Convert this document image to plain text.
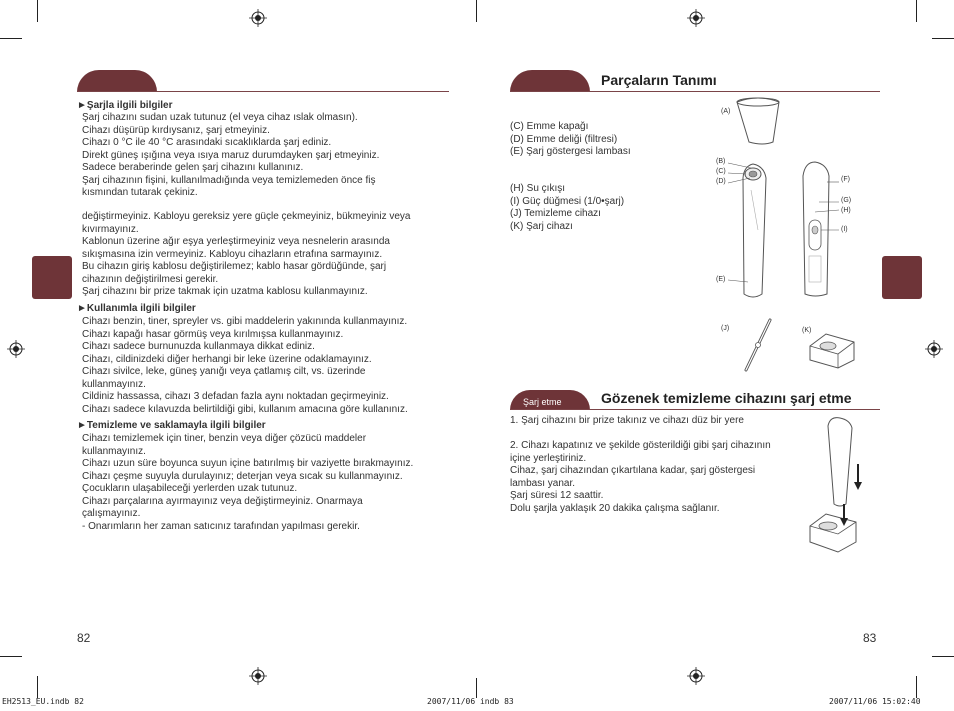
►Şarjla ilgili bilgiler
Şarj cihazını sudan uzak tutunuz (el veya cihaz ıslak olmasın).
Cihazı düşürüp kırdıysanız, şarj etmeyiniz.
Cihazı 0 °C ile 40 °C arasındaki sıcaklıklarda şarj ediniz.
Direkt güneş ışığına veya ısıya maruz durumdayken şarj etmeyiniz.
Sadece beraberinde gelen şarj cihazını kullanınız.
Şarj cihazının fişini, kullanılmadığında veya temizlemeden önce fiş
kısmından tutarak çekiniz.
değiştirmeyiniz. Kabloyu gereksiz yere güçle çekmeyiniz, bükmeyiniz veya
kıvırmayınız.
Kablonun üzerine ağır eşya yerleştirmeyiniz veya nesnelerin arasında
sıkışmasına izin vermeyiniz. Kabloyu cihazların etrafına sarmayınız.
Bu cihazın giriş kablosu değiştirilemez; kablo hasar gördüğünde, şarj
cihazının değiştirilmesi gerekir.
Şarj cihazını bir prize takmak için uzatma kablosu kullanmayınız.
►Kullanımla ilgili bilgiler
Cihazı benzin, tiner, spreyler vs. gibi maddelerin yakınında kullanmayınız.
Cihazı kapağı hasar görmüş veya kırılmışsa kullanmayınız.
Cihazı sadece burnunuzda kullanmaya dikkat ediniz.
Cihazı, cildinizdeki diğer herhangi bir leke üzerine odaklamayınız.
Cihazı sivilce, leke, güneş yanığı veya çatlamış cilt, vs. üzerinde
kullanmayınız.
Cildiniz hassassa, cihazı 3 defadan fazla aynı noktadan geçirmeyiniz.
Cihazı sadece kılavuzda belirtildiği gibi, kullanım amacına göre kullanınız.
►Temizleme ve saklamayla ilgili bilgiler
Cihazı temizlemek için tiner, benzin veya diğer çözücü maddeler
kullanmayınız.
Cihazı uzun süre boyunca suyun içine batırılmış bir vaziyette bırakmayınız.
Cihazı çeşme suyuyla durulayınız; deterjan veya sıcak su kullanmayınız.
Çocukların ulaşabileceği yerlerden uzak tutunuz.
Cihazı parçalarına ayırmayınız veya değiştirmeyiniz. Onarmaya
çalışmayınız.
- Onarımların her zaman satıcınız tarafından yapılması gerekir.
82
Parçaların Tanımı
(C) Emme kapağı
(D) Emme deliği (filtresi)
(E) Şarj göstergesi lambası
(H) Su çıkışı
(I) Güç düğmesi (1/0•şarj)
(J) Temizleme cihazı
(K) Şarj cihazı
(A)
(B)
(C)
(D)
(E)
(F)
(G)
(H)
(I)
(J)	(K)
Şarj etme	Gözenek temizleme cihazını şarj etme
1. Şarj cihazını bir prize takınız ve cihazı düz bir yere
2. Cihazı kapatınız ve şekilde gösterildiği gibi şarj cihazının
içine yerleştiriniz.
Cihaz, şarj cihazından çıkartılana kadar, şarj göstergesi
lambası yanar.
Şarj süresi 12 saattir.
Dolu şarjla yaklaşık 20 dakika çalışma sağlanır.
83
EH2513_EU.indb 82	2007/11/06 indb 83	2007/11/06 15:02:40
